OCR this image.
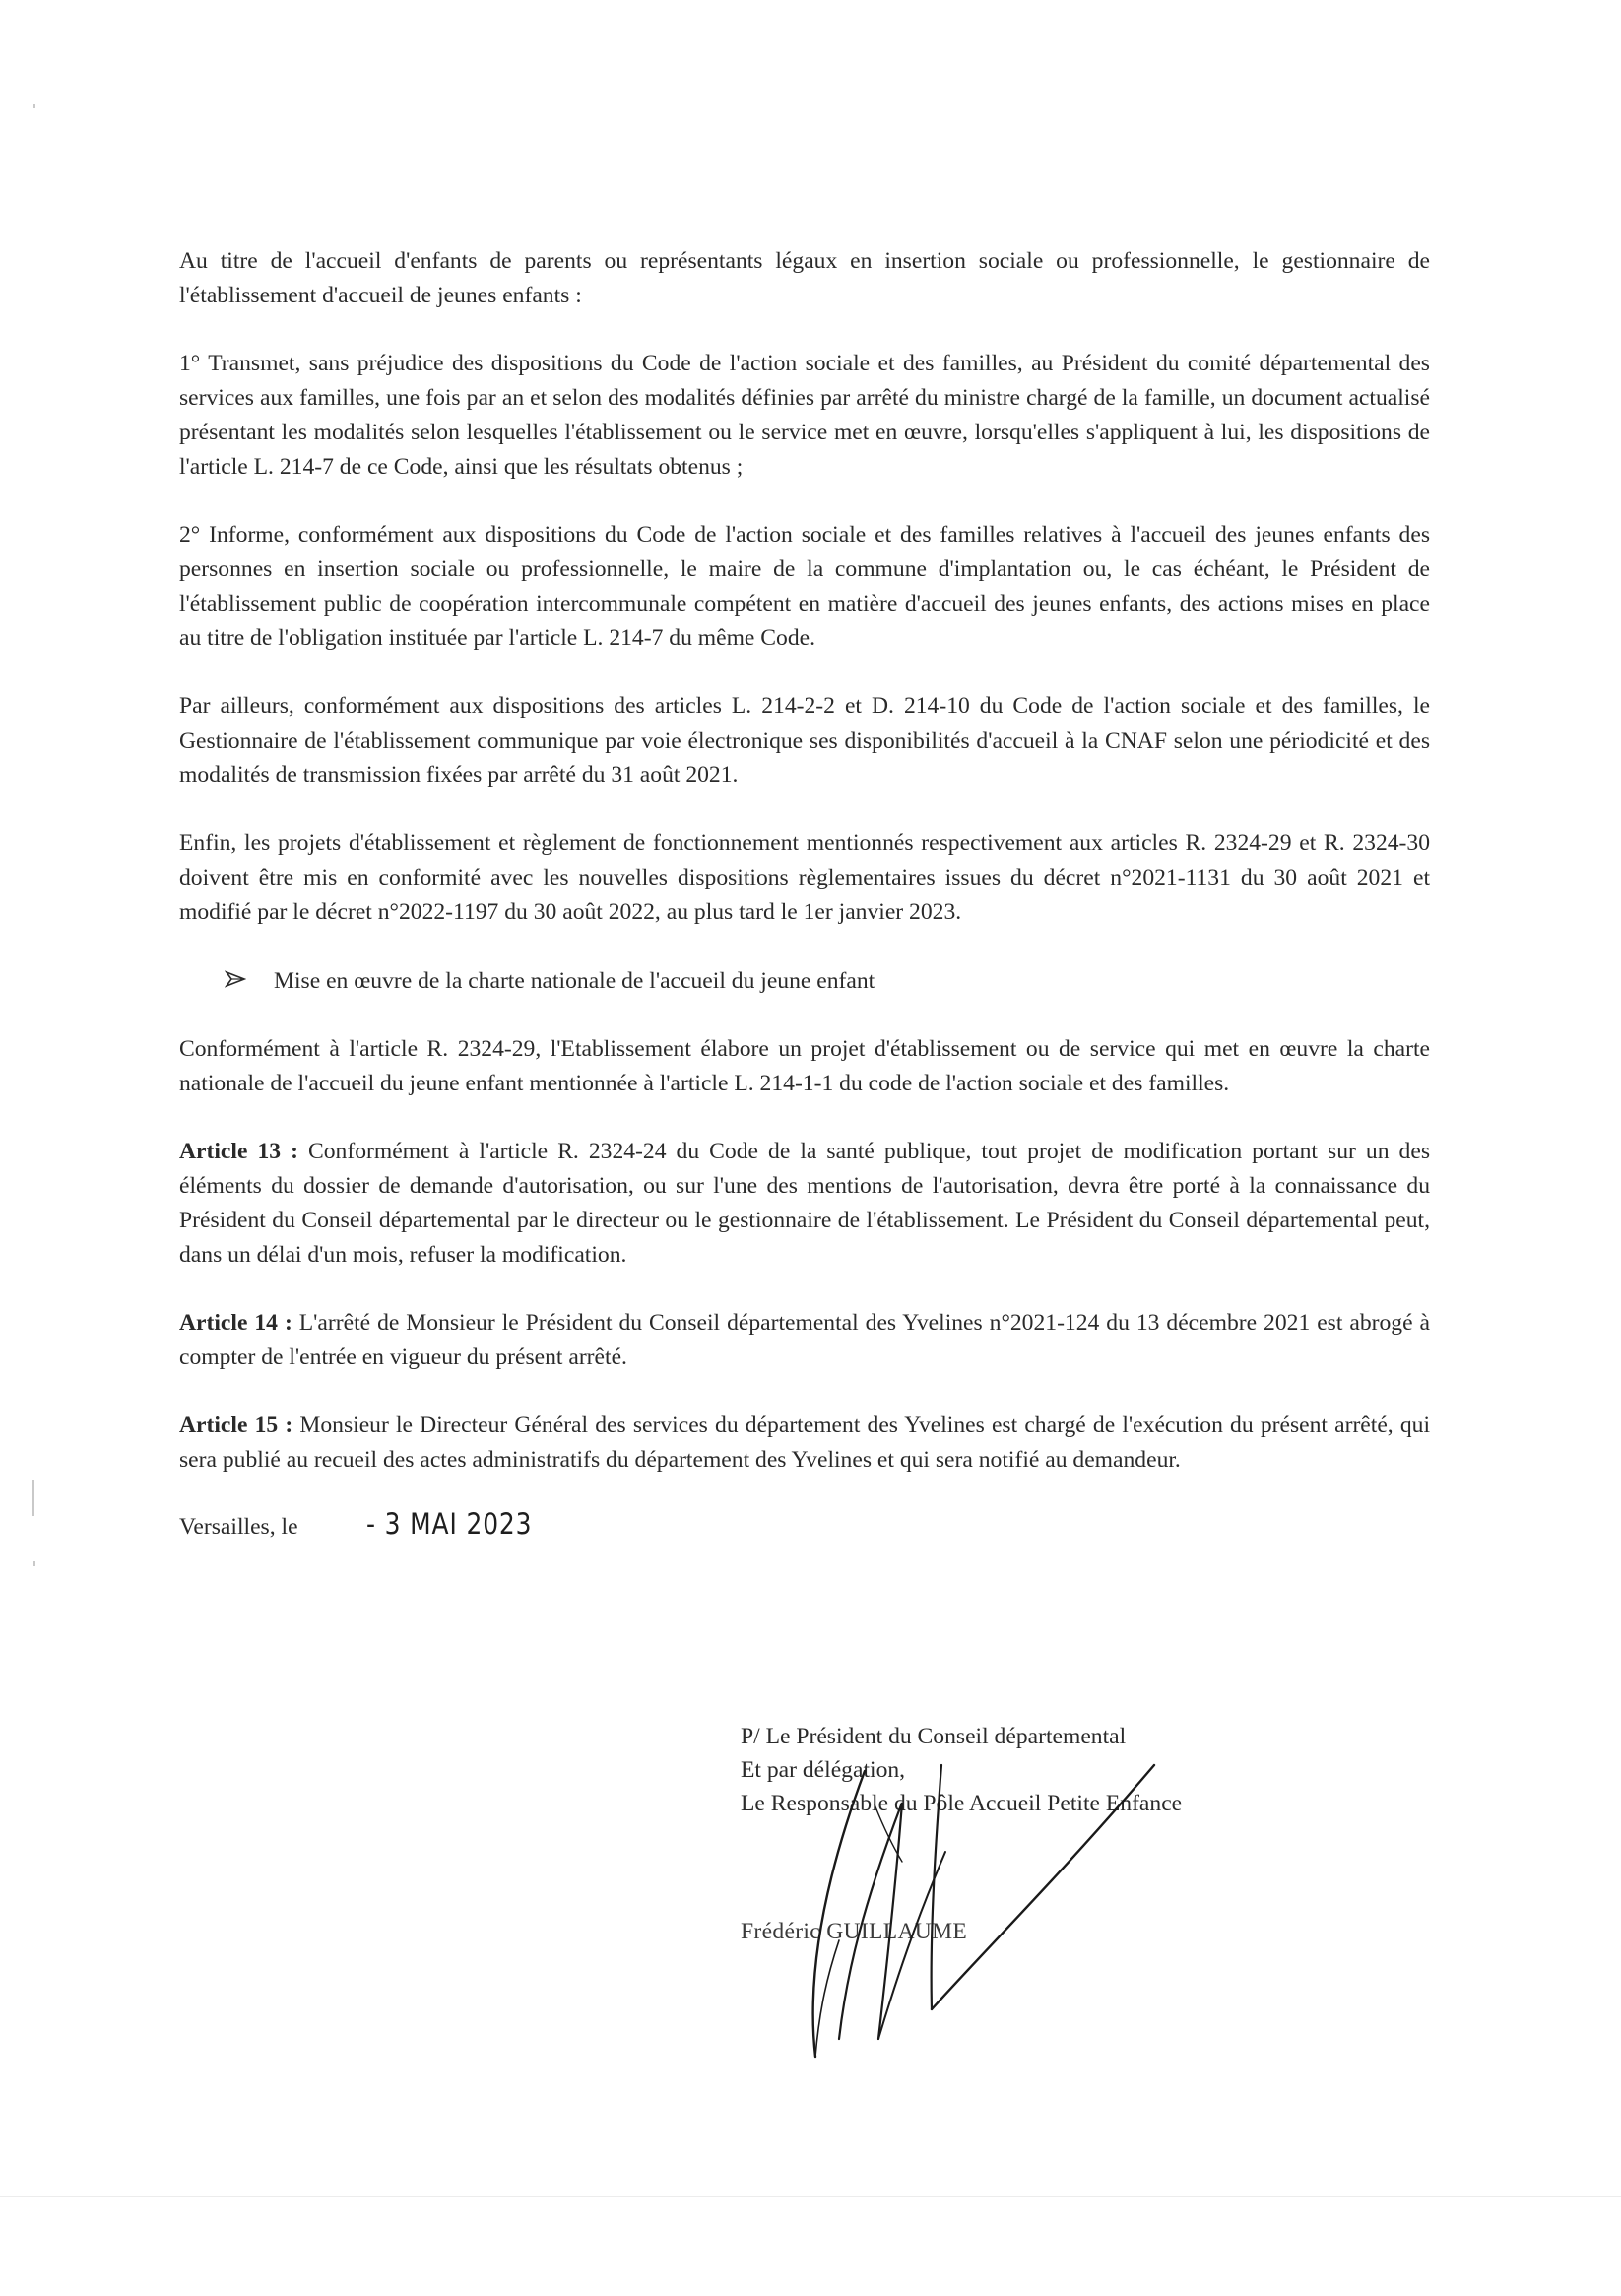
Au titre de l'accueil d'enfants de parents ou représentants légaux en insertion sociale ou professionnelle, le gestionnaire de l'établissement d'accueil de jeunes enfants :

1° Transmet, sans préjudice des dispositions du Code de l'action sociale et des familles, au Président du comité départemental des services aux familles, une fois par an et selon des modalités définies par arrêté du ministre chargé de la famille, un document actualisé présentant les modalités selon lesquelles l'établissement ou le service met en œuvre, lorsqu'elles s'appliquent à lui, les dispositions de l'article L. 214-7 de ce Code, ainsi que les résultats obtenus ;

2° Informe, conformément aux dispositions du Code de l'action sociale et des familles relatives à l'accueil des jeunes enfants des personnes en insertion sociale ou professionnelle, le maire de la commune d'implantation ou, le cas échéant, le Président de l'établissement public de coopération intercommunale compétent en matière d'accueil des jeunes enfants, des actions mises en place au titre de l'obligation instituée par l'article L. 214-7 du même Code.

Par ailleurs, conformément aux dispositions des articles L. 214-2-2 et D. 214-10 du Code de l'action sociale et des familles, le Gestionnaire de l'établissement communique par voie électronique ses disponibilités d'accueil à la CNAF selon une périodicité et des modalités de transmission fixées par arrêté du 31 août 2021.

Enfin, les projets d'établissement et règlement de fonctionnement mentionnés respectivement aux articles R. 2324-29 et R. 2324-30 doivent être mis en conformité avec les nouvelles dispositions règlementaires issues du décret n°2021-1131 du 30 août 2021 et modifié par le décret n°2022-1197 du 30 août 2022, au plus tard le 1er janvier 2023.

Mise en œuvre de la charte nationale de l'accueil du jeune enfant

Conformément à l'article R. 2324-29, l'Etablissement élabore un projet d'établissement ou de service qui met en œuvre la charte nationale de l'accueil du jeune enfant mentionnée à l'article L. 214-1-1 du code de l'action sociale et des familles.

Article 13 : Conformément à l'article R. 2324-24 du Code de la santé publique, tout projet de modification portant sur un des éléments du dossier de demande d'autorisation, ou sur l'une des mentions de l'autorisation, devra être porté à la connaissance du Président du Conseil départemental par le directeur ou le gestionnaire de l'établissement. Le Président du Conseil départemental peut, dans un délai d'un mois, refuser la modification.

Article 14 : L'arrêté de Monsieur le Président du Conseil départemental des Yvelines n°2021-124 du 13 décembre 2021 est abrogé à compter de l'entrée en vigueur du présent arrêté.

Article 15 : Monsieur le Directeur Général des services du département des Yvelines est chargé de l'exécution du présent arrêté, qui sera publié au recueil des actes administratifs du département des Yvelines et qui sera notifié au demandeur.

Versailles, le	- 3 MAI 2023
P/ Le Président du Conseil départemental
Et par délégation,
Le Responsable du Pôle Accueil Petite Enfance
Frédéric GUILLAUME
